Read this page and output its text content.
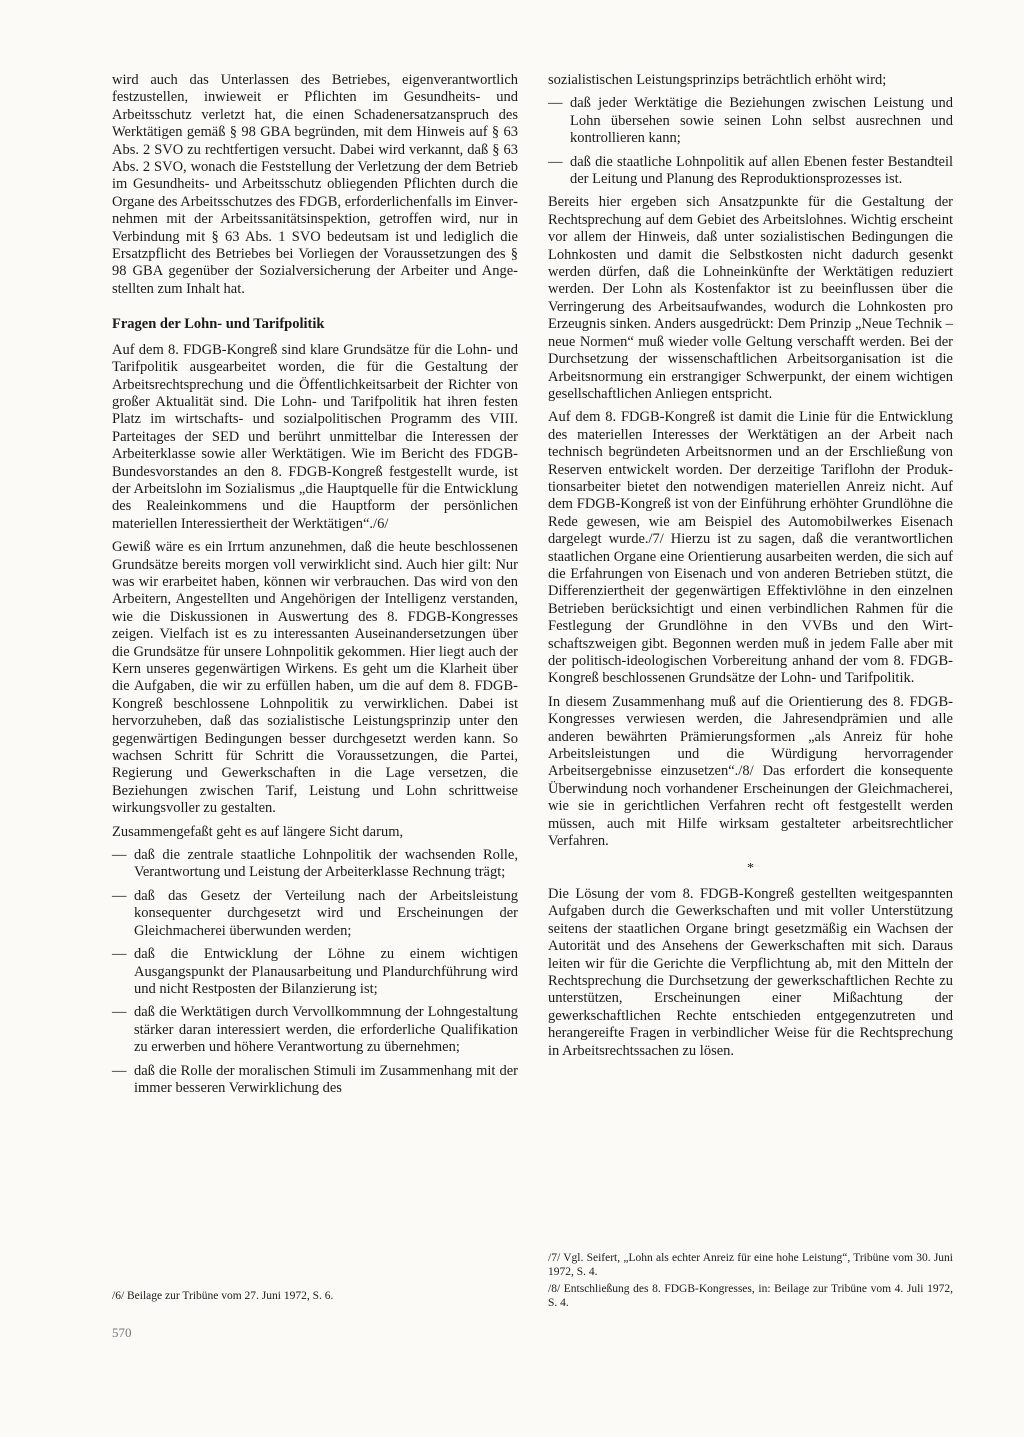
wird auch das Unterlassen des Betriebes, eigenverantwortlich festzustellen, inwieweit er Pflichten im Gesundheits- und Arbeitsschutz verletzt hat, die einen Schadenersatzanspruch des Werktätigen gemäß § 98 GBA begründen, mit dem Hinweis auf § 63 Abs. 2 SVO zu rechtfertigen versucht. Dabei wird verkannt, daß § 63 Abs. 2 SVO, wonach die Feststellung der Verletzung der dem Betrieb im Gesundheits- und Arbeitsschutz obliegenden Pflichten durch die Organe des Arbeitsschutzes des FDGB, erforderlichenfalls im Einvernehmen mit der Arbeitssanitätsinspektion, getroffen wird, nur in Verbindung mit § 63 Abs. 1 SVO bedeutsam ist und lediglich die Ersatzpflicht des Betriebes bei Vorliegen der Voraussetzungen des § 98 GBA gegenüber der Sozialversicherung der Arbeiter und Angestellten zum Inhalt hat.

Fragen der Lohn- und Tarifpolitik

Auf dem 8. FDGB-Kongreß sind klare Grundsätze für die Lohn- und Tarifpolitik ausgearbeitet worden, die für die Gestaltung der Arbeitsrechtsprechung und die Öffentlichkeitsarbeit der Richter von großer Aktualität sind. Die Lohn- und Tarifpolitik hat ihren festen Platz im wirtschafts- und sozialpolitischen Programm des VIII. Parteitages der SED und berührt unmittelbar die Interessen der Arbeiterklasse sowie aller Werktätigen. Wie im Bericht des FDGB-Bundesvorstandes an den 8. FDGB-Kongreß festgestellt wurde, ist der Arbeitslohn im Sozialismus „die Hauptquelle für die Entwicklung des Realeinkommens und die Hauptform der persönlichen materiellen Interessiertheit der Werktätigen“./6/

Gewiß wäre es ein Irrtum anzunehmen, daß die heute beschlossenen Grundsätze bereits morgen voll verwirklicht sind. Auch hier gilt: Nur was wir erarbeitet haben, können wir verbrauchen. Das wird von den Arbeitern, Angestellten und Angehörigen der Intelligenz verstanden, wie die Diskussionen in Auswertung des 8. FDGB-Kongresses zeigen. Vielfach ist es zu interessanten Auseinandersetzungen über die Grundsätze für unsere Lohnpolitik gekommen. Hier liegt auch der Kern unseres gegenwärtigen Wirkens. Es geht um die Klarheit über die Aufgaben, die wir zu erfüllen haben, um die auf dem 8. FDGB-Kongreß beschlossene Lohnpolitik zu verwirklichen. Dabei ist hervorzuheben, daß das sozialistische Leistungsprinzip unter den gegenwärtigen Bedingungen besser durchgesetzt werden kann. So wachsen Schritt für Schritt die Voraussetzungen, die Partei, Regierung und Gewerkschaften in die Lage versetzen, die Beziehungen zwischen Tarif, Leistung und Lohn schrittweise wirkungsvoller zu gestalten.

Zusammengefaßt geht es auf längere Sicht darum,

— daß die zentrale staatliche Lohnpolitik der wachsenden Rolle, Verantwortung und Leistung der Arbeiterklasse Rechnung trägt;
— daß das Gesetz der Verteilung nach der Arbeitsleistung konsequenter durchgesetzt wird und Erscheinungen der Gleichmacherei überwunden werden;
— daß die Entwicklung der Löhne zu einem wichtigen Ausgangspunkt der Planausarbeitung und Plandurchführung wird und nicht Restposten der Bilanzierung ist;
— daß die Werktätigen durch Vervollkommnung der Lohngestaltung stärker daran interessiert werden, die erforderliche Qualifikation zu erwerben und höhere Verantwortung zu übernehmen;
— daß die Rolle der moralischen Stimuli im Zusammenhang mit der immer besseren Verwirklichung des
/6/ Beilage zur Tribüne vom 27. Juni 1972, S. 6.
570

sozialistischen Leistungsprinzips beträchtlich erhöht wird;

— daß jeder Werktätige die Beziehungen zwischen Leistung und Lohn übersehen sowie seinen Lohn selbst ausrechnen und kontrollieren kann;
— daß die staatliche Lohnpolitik auf allen Ebenen fester Bestandteil der Leitung und Planung des Reproduktionsprozesses ist.

Bereits hier ergeben sich Ansatzpunkte für die Gestaltung der Rechtsprechung auf dem Gebiet des Arbeitslohnes. Wichtig erscheint vor allem der Hinweis, daß unter sozialistischen Bedingungen die Lohnkosten und damit die Selbstkosten nicht dadurch gesenkt werden dürfen, daß die Lohneinkünfte der Werktätigen reduziert werden. Der Lohn als Kostenfaktor ist zu beeinflussen über die Verringerung des Arbeitsaufwandes, wodurch die Lohnkosten pro Erzeugnis sinken. Anders ausgedrückt: Dem Prinzip „Neue Technik – neue Normen“ muß wieder volle Geltung verschafft werden. Bei der Durchsetzung der wissenschaftlichen Arbeitsorganisation ist die Arbeitsnormung ein erstrangiger Schwerpunkt, der einem wichtigen gesellschaftlichen Anliegen entspricht.

Auf dem 8. FDGB-Kongreß ist damit die Linie für die Entwicklung des materiellen Interesses der Werktätigen an der Arbeit nach technisch begründeten Arbeitsnormen und an der Erschließung von Reserven entwickelt worden. Der derzeitige Tariflohn der Produktionsarbeiter bietet den notwendigen materiellen Anreiz nicht. Auf dem FDGB-Kongreß ist von der Einführung erhöhter Grundlöhne die Rede gewesen, wie am Beispiel des Automobilwerkes Eisenach dargelegt wurde./7/ Hierzu ist zu sagen, daß die verantwortlichen staatlichen Organe eine Orientierung ausarbeiten werden, die sich auf die Erfahrungen von Eisenach und von anderen Betrieben stützt, die Differenziertheit der gegenwärtigen Effektivlöhne in den einzelnen Betrieben berücksichtigt und einen verbindlichen Rahmen für die Festlegung der Grundlöhne in den VVBs und den Wirtschaftszweigen gibt. Begonnen werden muß in jedem Falle aber mit der politisch-ideologischen Vorbereitung anhand der vom 8. FDGB-Kongreß beschlossenen Grundsätze der Lohn- und Tarifpolitik.

In diesem Zusammenhang muß auf die Orientierung des 8. FDGB-Kongresses verwiesen werden, die Jahresendprämien und alle anderen bewährten Prämierungsformen „als Anreiz für hohe Arbeitsleistungen und die Würdigung hervorragender Arbeitsergebnisse einzusetzen“./8/ Das erfordert die konsequente Überwindung noch vorhandener Erscheinungen der Gleichmacherei, wie sie in gerichtlichen Verfahren recht oft festgestellt werden müssen, auch mit Hilfe wirksam gestalteter arbeitsrechtlicher Verfahren.

*

Die Lösung der vom 8. FDGB-Kongreß gestellten weitgespannten Aufgaben durch die Gewerkschaften und mit voller Unterstützung seitens der staatlichen Organe bringt gesetzmäßig ein Wachsen der Autorität und des Ansehens der Gewerkschaften mit sich. Daraus leiten wir für die Gerichte die Verpflichtung ab, mit den Mitteln der Rechtsprechung die Durchsetzung der gewerkschaftlichen Rechte zu unterstützen, Erscheinungen einer Mißachtung der gewerkschaftlichen Rechte entschieden entgegenzutreten und herangereifte Fragen in verbindlicher Weise für die Rechtsprechung in Arbeitsrechtssachen zu lösen.

/7/ Vgl. Seifert, „Lohn als echter Anreiz für eine hohe Leistung“, Tribüne vom 30. Juni 1972, S. 4.
/8/ Entschließung des 8. FDGB-Kongresses, in: Beilage zur Tribüne vom 4. Juli 1972, S. 4.
